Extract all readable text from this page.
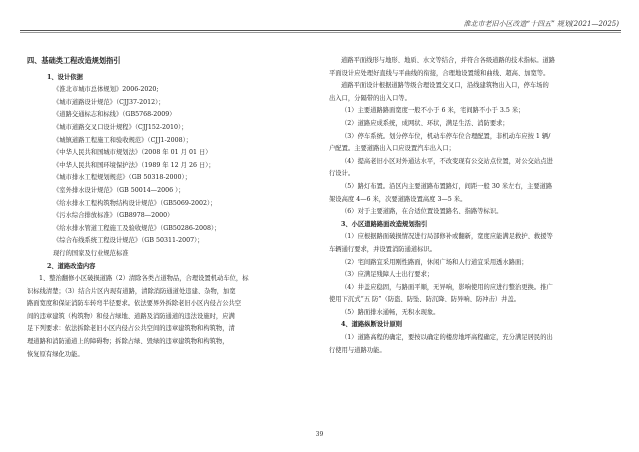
淮北市老旧小区改造“十四五” 规划(2021—2025)

四、基础类工程改造规划指引

1、设计依据

《淮北市城市总体规划》2006-2020;

《城市道路设计规范》（CJJ37-2012）；

《道路交通标志和标线》（GB5768-2009）

《城市道路交叉口设计规程》（CJJ152-2010）；

《城镇道路工程施工和验收规范》（CJJ1-2008）；

《中华人民共和国城市规划法》（2008 年 01 月 01 日）

《中华人民共和国环境保护法》（1989 年 12 月 26 日）；

《城市排水工程规划规范》（GB 50318-2000）；

《室外排水设计规范》（GB 50014—2006 ）；

《给水排水工程构筑物结构设计规范》（GB5069-2002）；

《污水综合排放标准》（GB8978—2000）

《给水排水管道工程施工及验收规范》（GB50286-2008）；

《综合布线系统工程设计规范》（GB 50311-2007）；

现行的国家及行业规范标准

2、道路改造内容

1、整治翻修小区破损道路（2）清除各类占道物品，合理设置机动车位，标

识标线清楚；（3）结合片区内现有道路，清除消防通道处违建、杂物，加宽

路面宽度和保证消防车转弯半径要求。依法要界外拆除老旧小区内侵占公共空

间的违章建筑（构筑物）和侵占绿地、道路及消防通道的违法设施时，应满

足下列要求：依法拆除老旧小区内侵占公共空间的违章建筑物和构筑物，清

理道路和消防通道上的障碍物；拆除占绿、毁绿的违章建筑物和构筑物，

恢复原有绿化功能。

道路平面线形与地形、地质、水文等结合，并符合各级道路的技术指标。道路

平面设计应处理好直线与平曲线的衔接，合理地设置缓和曲线、超高、加宽等。

道路平面设计根据道路等级合理设置交叉口，沿线建筑物出入口，停车场的

出入口，分隔带的出入口等。

（1）主要道路路面宽度一般不小于 6 米，宅间路不小于 3.5 米；

（2）道路应成系统，成网状、环状，满足生活、消防要求；

（3）停车系统。划分停车位，机动车停车位合理配置，非机动车应按 1 辆/

户配置。主要道路出入口应设置汽车出入口；

（4）提高老旧小区对外通达水平，不改变现有公交站点位置，对公交站点进

行设计。

（5）路灯布置。沿区内主要道路布置路灯，间距一般 30 米左右，主要道路

架设高度 4—6 米，次要道路设置高度 3—5 米。

（6）对于主要道路，在合适位置设置路名、指路等标识。

3、小区道路路面改造规划指引

（1）应根据路面破损情况进行局部修补或翻新，宽度应能满足救护、救援等

车辆通行要求，并设置消防通道标识。

（2）宅间路宜采用刚性路面，休闲广场和人行道宜采用透水路面；

（3）应满足残障人士出行要求；

（4）井盖应稳固，与路面平顺，无异响，影响使用的应进行整治更换。推广

使用下沉式“五 防”（防盗、防坠、防沉降、防异响、防冲击）井盖。

（5）路面排水通畅，无积水现象。

4、道路纵断设计原则

（1）道路高程的确定，要按以确定的楼房地坪高程确定，充分满足居民的出

行使用与道路功能。

39
